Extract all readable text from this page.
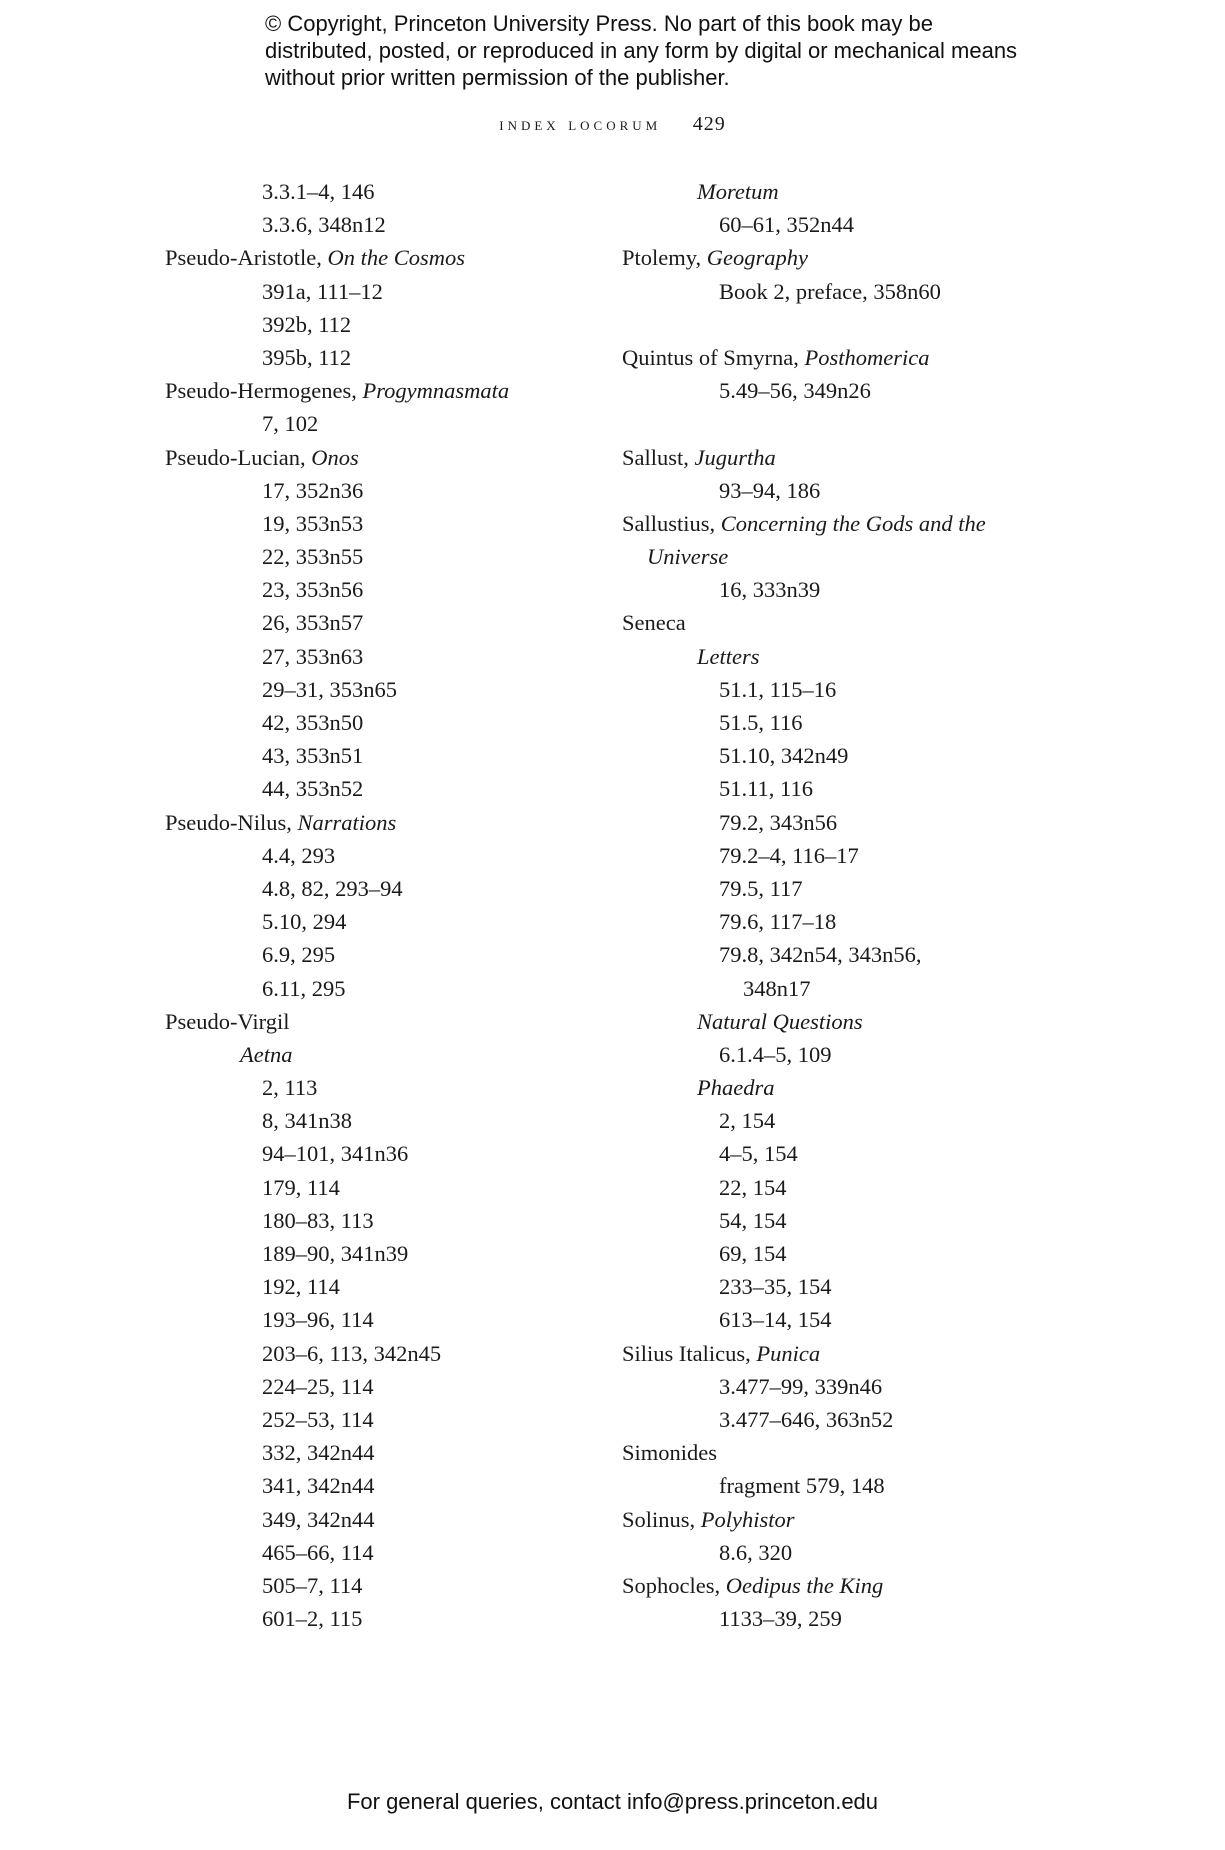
© Copyright, Princeton University Press. No part of this book may be distributed, posted, or reproduced in any form by digital or mechanical means without prior written permission of the publisher.
index locorum 429
3.3.1–4, 146
3.3.6, 348n12
Pseudo-Aristotle, On the Cosmos
391a, 111–12
392b, 112
395b, 112
Pseudo-Hermogenes, Progymnasmata
7, 102
Pseudo-Lucian, Onos
17, 352n36
19, 353n53
22, 353n55
23, 353n56
26, 353n57
27, 353n63
29–31, 353n65
42, 353n50
43, 353n51
44, 353n52
Pseudo-Nilus, Narrations
4.4, 293
4.8, 82, 293–94
5.10, 294
6.9, 295
6.11, 295
Pseudo-Virgil
Aetna
2, 113
8, 341n38
94–101, 341n36
179, 114
180–83, 113
189–90, 341n39
192, 114
193–96, 114
203–6, 113, 342n45
224–25, 114
252–53, 114
332, 342n44
341, 342n44
349, 342n44
465–66, 114
505–7, 114
601–2, 115
Moretum
60–61, 352n44
Ptolemy, Geography
Book 2, preface, 358n60
Quintus of Smyrna, Posthomerica
5.49–56, 349n26
Sallust, Jugurtha
93–94, 186
Sallustius, Concerning the Gods and the
Universe
16, 333n39
Seneca
Letters
51.1, 115–16
51.5, 116
51.10, 342n49
51.11, 116
79.2, 343n56
79.2–4, 116–17
79.5, 117
79.6, 117–18
79.8, 342n54, 343n56,
348n17
Natural Questions
6.1.4–5, 109
Phaedra
2, 154
4–5, 154
22, 154
54, 154
69, 154
233–35, 154
613–14, 154
Silius Italicus, Punica
3.477–99, 339n46
3.477–646, 363n52
Simonides
fragment 579, 148
Solinus, Polyhistor
8.6, 320
Sophocles, Oedipus the King
1133–39, 259
For general queries, contact info@press.princeton.edu
